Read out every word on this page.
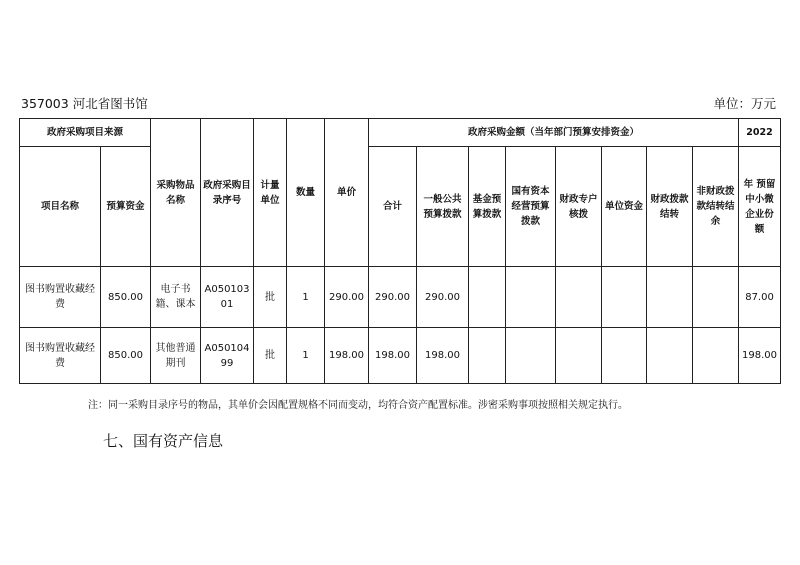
357003 河北省图书馆	单位：万元
政府采购项目来源		采购物品名称	政府采购目录序号	计量单位	数量	单价	政府采购金额（当年部门预算安排资金）								2022
项目名称	预算资金						合计	一般公共预算拨款	基金预算拨款	国有资本经营预算拨款	财政专户核拨	单位资金	财政拨款结转	非财政拨款结转结余	年 预留中小微企业份额
图书购置收藏经费	850.00	电子书籍、课本	A05010301	批	1	290.00	290.00	290.00							87.00
图书购置收藏经费	850.00	其他普通期刊	A05010499	批	1	198.00	198.00	198.00							198.00
注：同一采购目录序号的物品，其单价会因配置规格不同而变动，均符合资产配置标准。涉密采购事项按照相关规定执行。
七、国有资产信息
